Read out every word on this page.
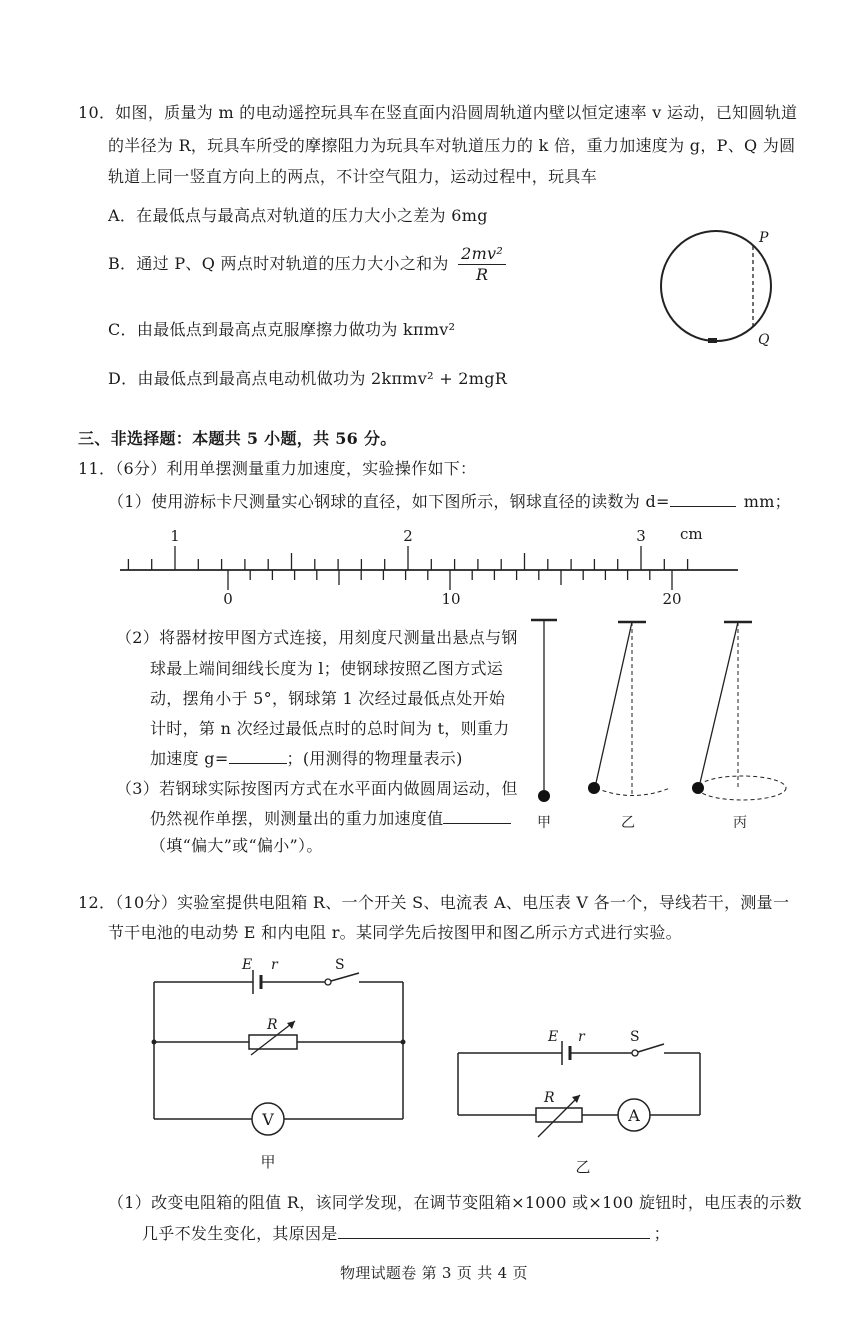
10．如图，质量为 m 的电动遥控玩具车在竖直面内沿圆周轨道内壁以恒定速率 v 运动，已知圆轨道
的半径为 R，玩具车所受的摩擦阻力为玩具车对轨道压力的 k 倍，重力加速度为 g，P、Q 为圆
轨道上同一竖直方向上的两点，不计空气阻力，运动过程中，玩具车
A．在最低点与最高点对轨道的压力大小之差为 6mg
B．通过 P、Q 两点时对轨道的压力大小之和为 $\frac{\text{2mv²}}{R}$
C．由最低点到最高点克服摩擦力做功为 kπmv²
D．由最低点到最高点电动机做功为 2kπmv² + 2mgR
P
Q
三、非选择题：本题共 5 小题，共 56 分。
11．（6分）利用单摆测量重力加速度，实验操作如下：
（1）使用游标卡尺测量实心钢球的直径，如下图所示，钢球直径的读数为 d=	mm；
1	2	3 cm
0	10	20
（2）将器材按甲图方式连接，用刻度尺测量出悬点与钢
球最上端间细线长度为 l；使钢球按照乙图方式运
动，摆角小于 5°，钢球第 1 次经过最低点处开始
计时，第 n 次经过最低点时的总时间为 t，则重力
加速度 g=	；(用测得的物理量表示)
（3）若钢球实际按图丙方式在水平面内做圆周运动，但
仍然视作单摆，则测量出的重力加速度值
（填“偏大”或“偏小”）。
甲	乙	丙
12．（10分）实验室提供电阻箱 R、一个开关 S、电流表 A、电压表 V 各一个，导线若干，测量一
节干电池的电动势 E 和内电阻 r。某同学先后按图甲和图乙所示方式进行实验。
E r	S
R
V
甲
E r	S
R
A
乙
（1）改变电阻箱的阻值 R，该同学发现，在调节变阻箱×1000 或×100 旋钮时，电压表的示数
几乎不发生变化，其原因是	；
物理试题卷 第 3 页 共 4 页
